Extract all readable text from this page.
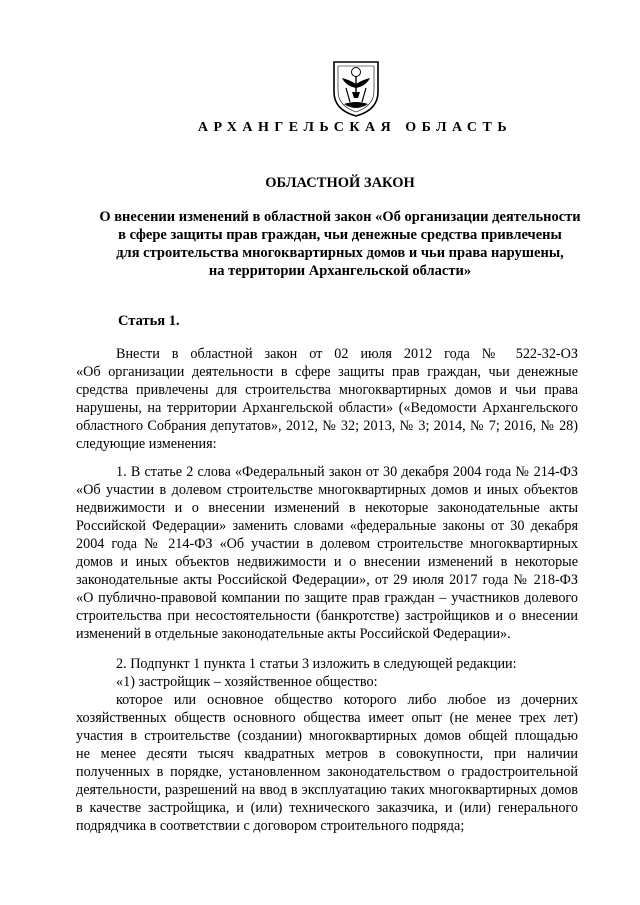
АРХАНГЕЛЬСКАЯ ОБЛАСТЬ
ОБЛАСТНОЙ ЗАКОН
О внесении изменений в областной закон «Об организации деятельности
в сфере защиты прав граждан, чьи денежные средства привлечены
для строительства многоквартирных домов и чьи права нарушены,
на территории Архангельской области»
Статья 1.
Внести в областной закон от 02 июля 2012 года № 522-32-ОЗ
«Об организации деятельности в сфере защиты прав граждан, чьи денежные
средства привлечены для строительства многоквартирных домов и чьи права
нарушены, на территории Архангельской области» («Ведомости Архангельского
областного Собрания депутатов», 2012, № 32; 2013, № 3; 2014, № 7; 2016, № 28)
следующие изменения:
1. В статье 2 слова «Федеральный закон от 30 декабря 2004 года № 214-ФЗ
«Об участии в долевом строительстве многоквартирных домов и иных объектов
недвижимости и о внесении изменений в некоторые законодательные акты
Российской Федерации» заменить словами «федеральные законы от 30 декабря
2004 года № 214-ФЗ «Об участии в долевом строительстве многоквартирных
домов и иных объектов недвижимости и о внесении изменений в некоторые
законодательные акты Российской Федерации», от 29 июля 2017 года № 218-ФЗ
«О публично-правовой компании по защите прав граждан – участников долевого
строительства при несостоятельности (банкротстве) застройщиков и о внесении
изменений в отдельные законодательные акты Российской Федерации».
2. Подпункт 1 пункта 1 статьи 3 изложить в следующей редакции:
«1) застройщик – хозяйственное общество:
которое или основное общество которого либо любое из дочерних
хозяйственных обществ основного общества имеет опыт (не менее трех лет)
участия в строительстве (создании) многоквартирных домов общей площадью
не менее десяти тысяч квадратных метров в совокупности, при наличии
полученных в порядке, установленном законодательством о градостроительной
деятельности, разрешений на ввод в эксплуатацию таких многоквартирных домов
в качестве застройщика, и (или) технического заказчика, и (или) генерального
подрядчика в соответствии с договором строительного подряда;
